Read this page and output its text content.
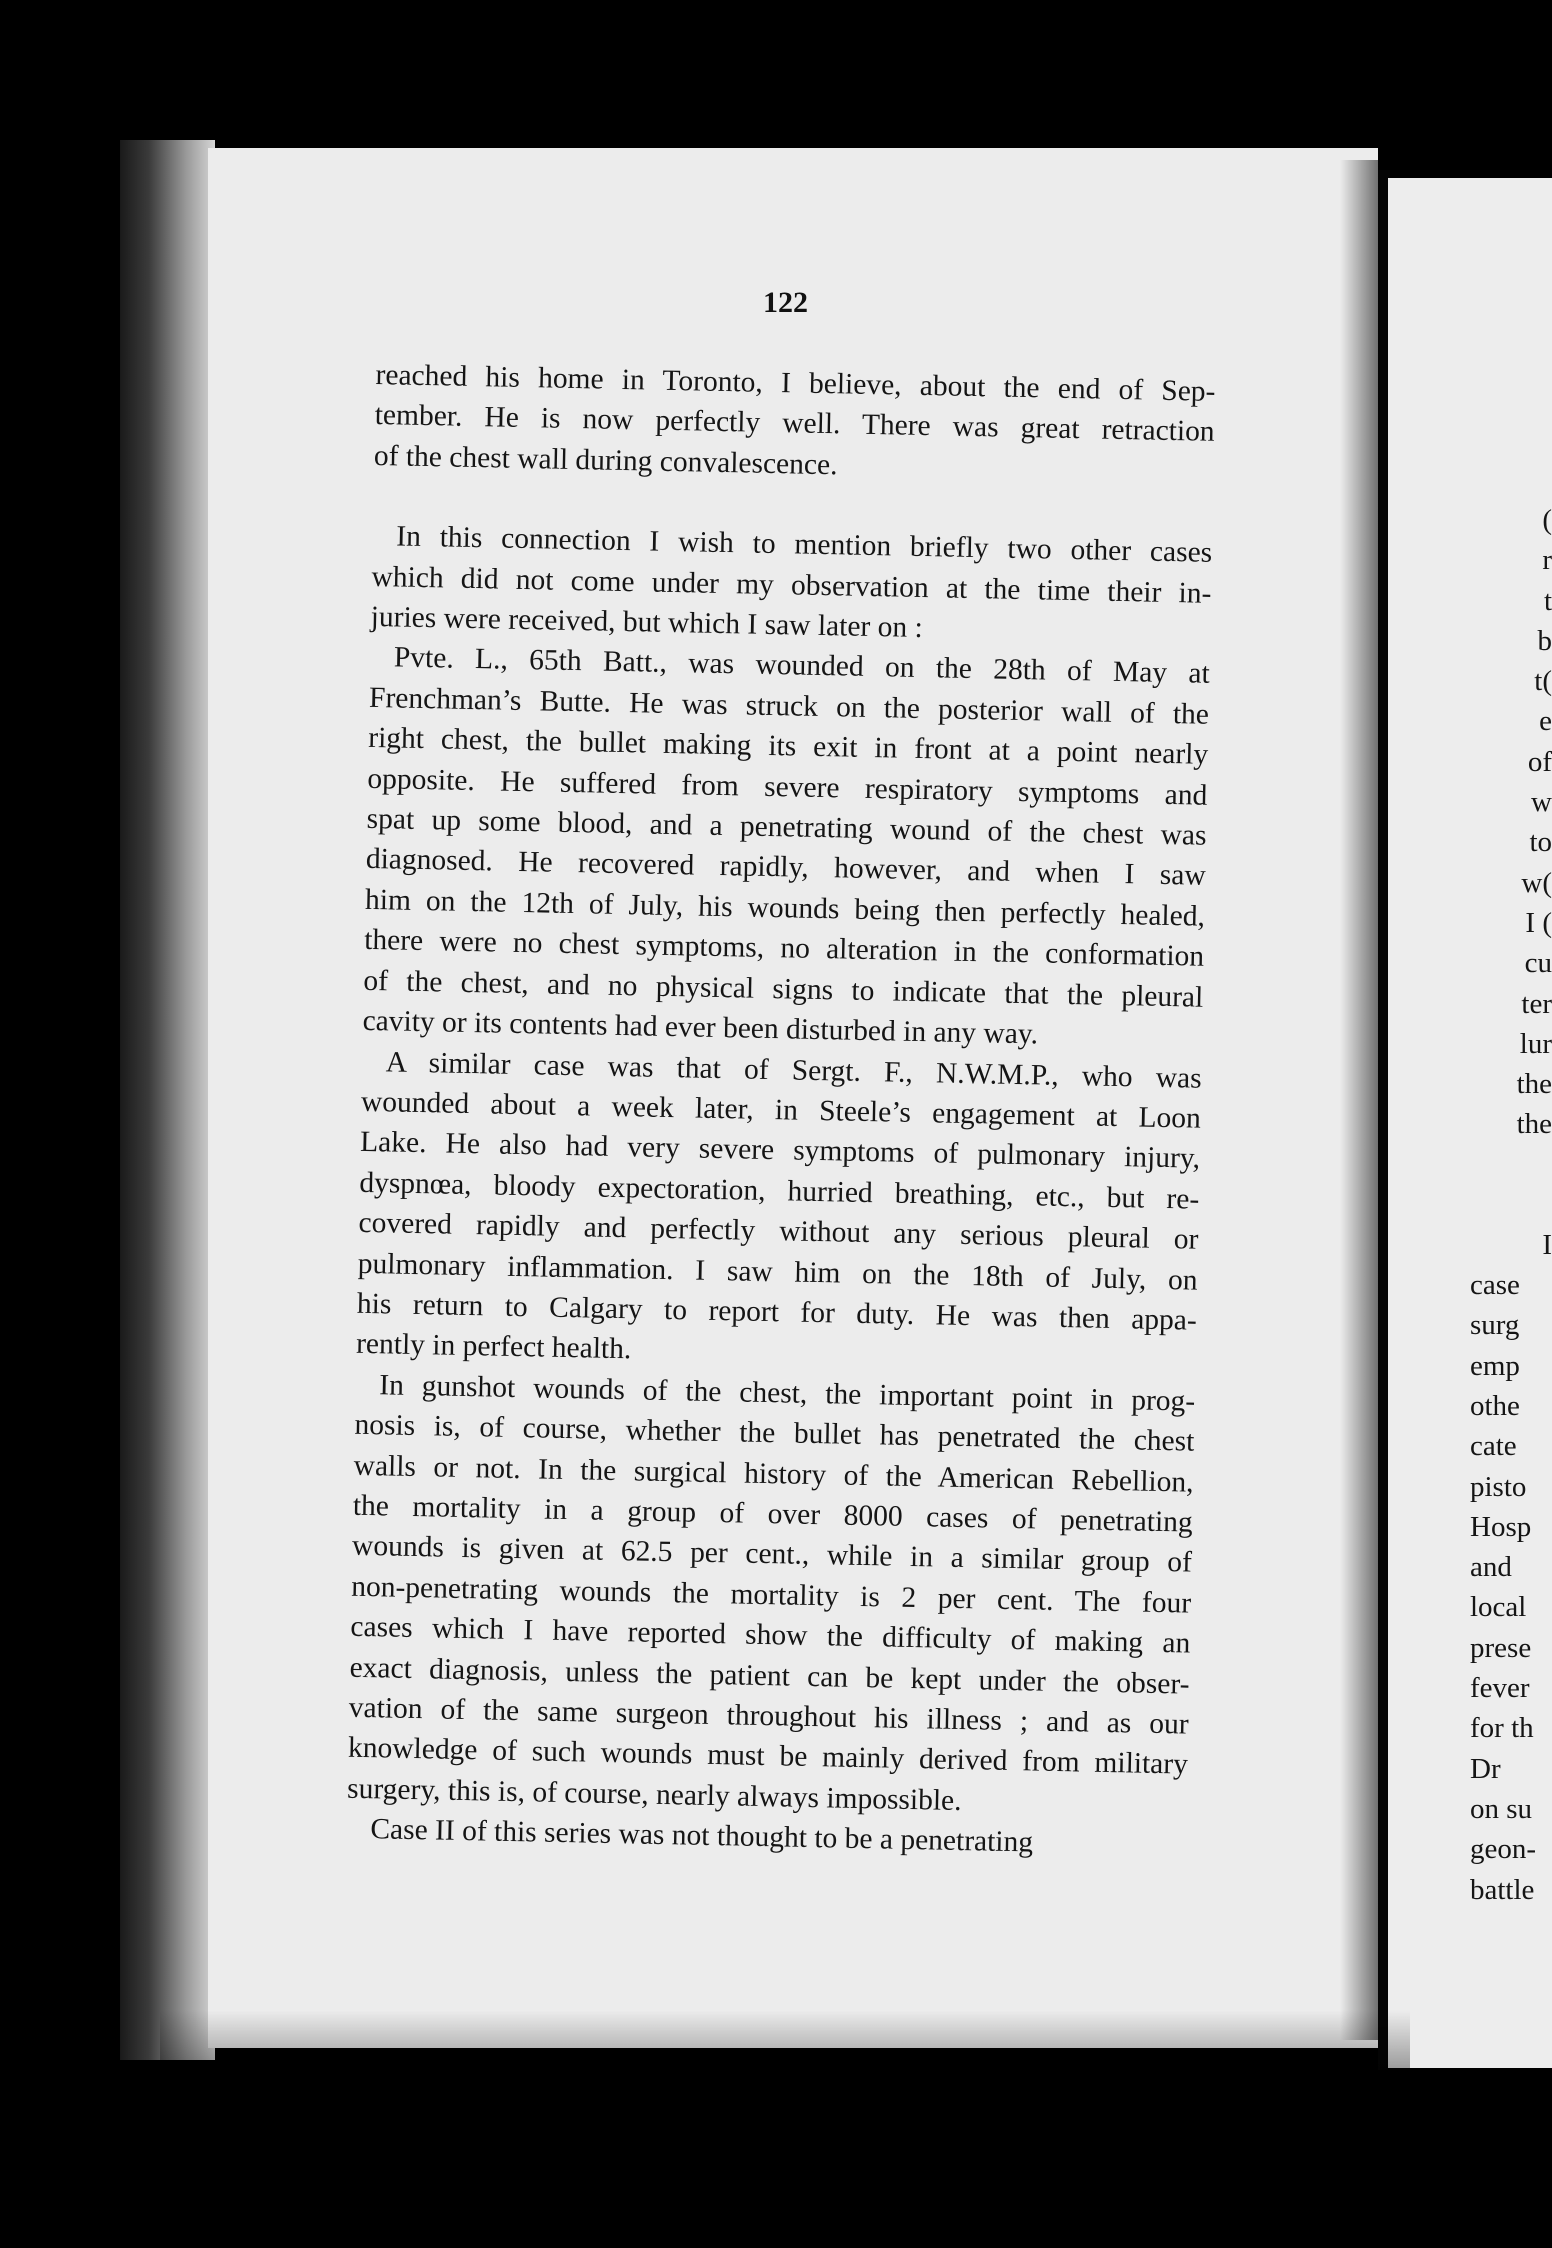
122
reached his home in Toronto, I believe, about the end of Sep-
tember. He is now perfectly well. There was great retraction
of the chest wall during convalescence.
In this connection I wish to mention briefly two other cases
which did not come under my observation at the time their in-
juries were received, but which I saw later on :
Pvte. L., 65th Batt., was wounded on the 28th of May at
Frenchman’s Butte. He was struck on the posterior wall of the
right chest, the bullet making its exit in front at a point nearly
opposite. He suffered from severe respiratory symptoms and
spat up some blood, and a penetrating wound of the chest was
diagnosed. He recovered rapidly, however, and when I saw
him on the 12th of July, his wounds being then perfectly healed,
there were no chest symptoms, no alteration in the conformation
of the chest, and no physical signs to indicate that the pleural
cavity or its contents had ever been disturbed in any way.
A similar case was that of Sergt. F., N.W.M.P., who was
wounded about a week later, in Steele’s engagement at Loon
Lake. He also had very severe symptoms of pulmonary injury,
dyspnœa, bloody expectoration, hurried breathing, etc., but re-
covered rapidly and perfectly without any serious pleural or
pulmonary inflammation. I saw him on the 18th of July, on
his return to Calgary to report for duty. He was then appa-
rently in perfect health.
In gunshot wounds of the chest, the important point in prog-
nosis is, of course, whether the bullet has penetrated the chest
walls or not. In the surgical history of the American Rebellion,
the mortality in a group of over 8000 cases of penetrating
wounds is given at 62.5 per cent., while in a similar group of
non-penetrating wounds the mortality is 2 per cent. The four
cases which I have reported show the difficulty of making an
exact diagnosis, unless the patient can be kept under the obser-
vation of the same surgeon throughout his illness ; and as our
knowledge of such wounds must be mainly derived from military
surgery, this is, of course, nearly always impossible.
Case II of this series was not thought to be a penetrating
(
r
t
b
t(
e
of
w
to
w(
I (
cu
ter
lur
the
the
I
case
surg
emp
othe
cate
pisto
Hosp
and
local
prese
fever
for th
Dr
on su
geon-
battle
